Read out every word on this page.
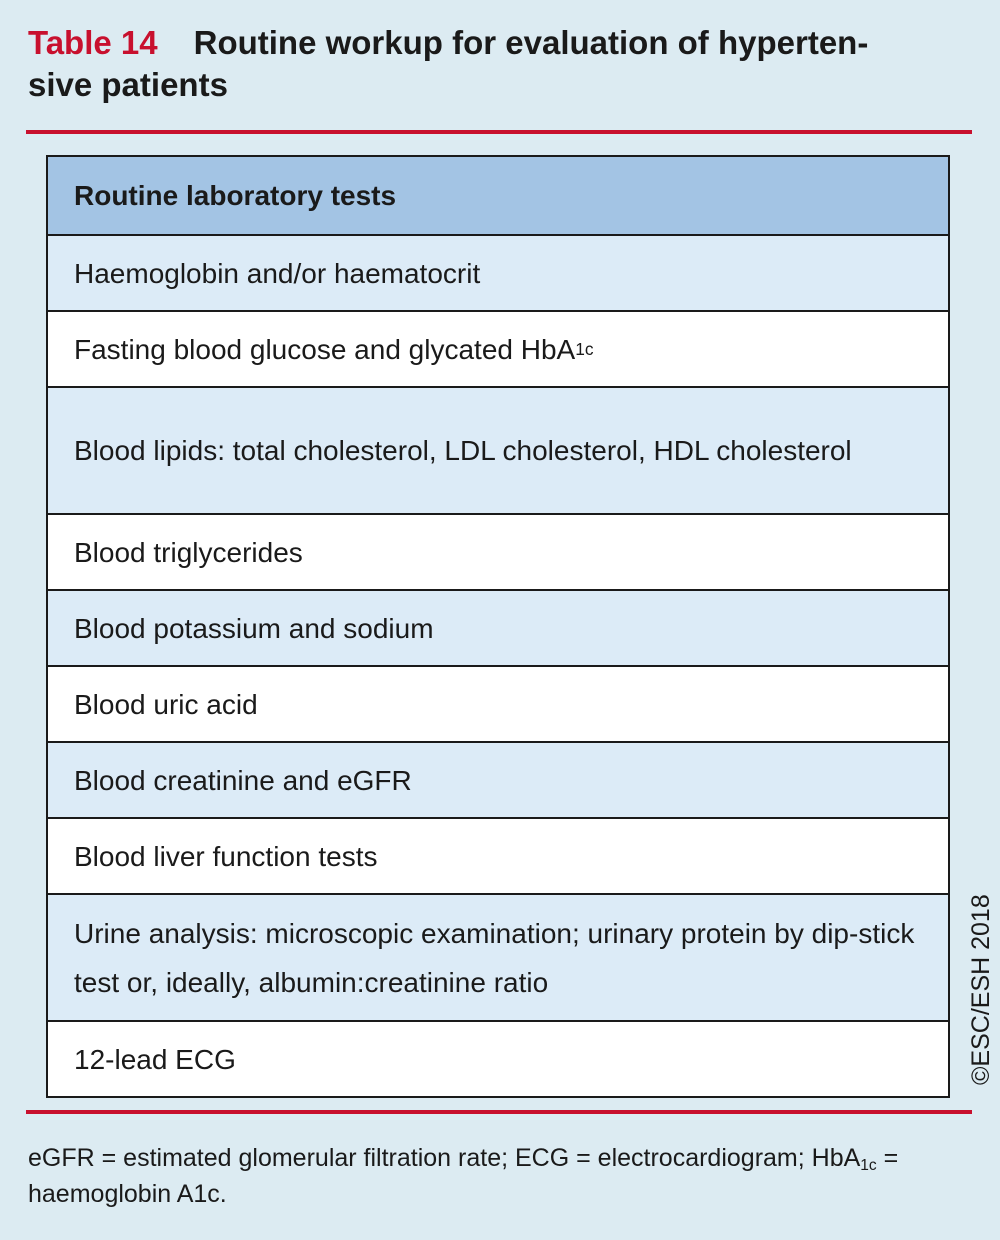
Table 14 Routine workup for evaluation of hyperten-
sive patients
Routine laboratory tests
Haemoglobin and/or haematocrit
Fasting blood glucose and glycated HbA 1c
Blood lipids: total cholesterol, LDL cholesterol, HDL cholesterol
Blood triglycerides
Blood potassium and sodium
Blood uric acid
Blood creatinine and eGFR
Blood liver function tests
Urine analysis: microscopic examination; urinary protein by dip-stick test or, ideally, albumin:creatinine ratio
12-lead ECG	©ESC/ESH 2018

eGFR = estimated glomerular filtration rate; ECG = electrocardiogram; HbA$_{1c}$ = haemoglobin A1c.
